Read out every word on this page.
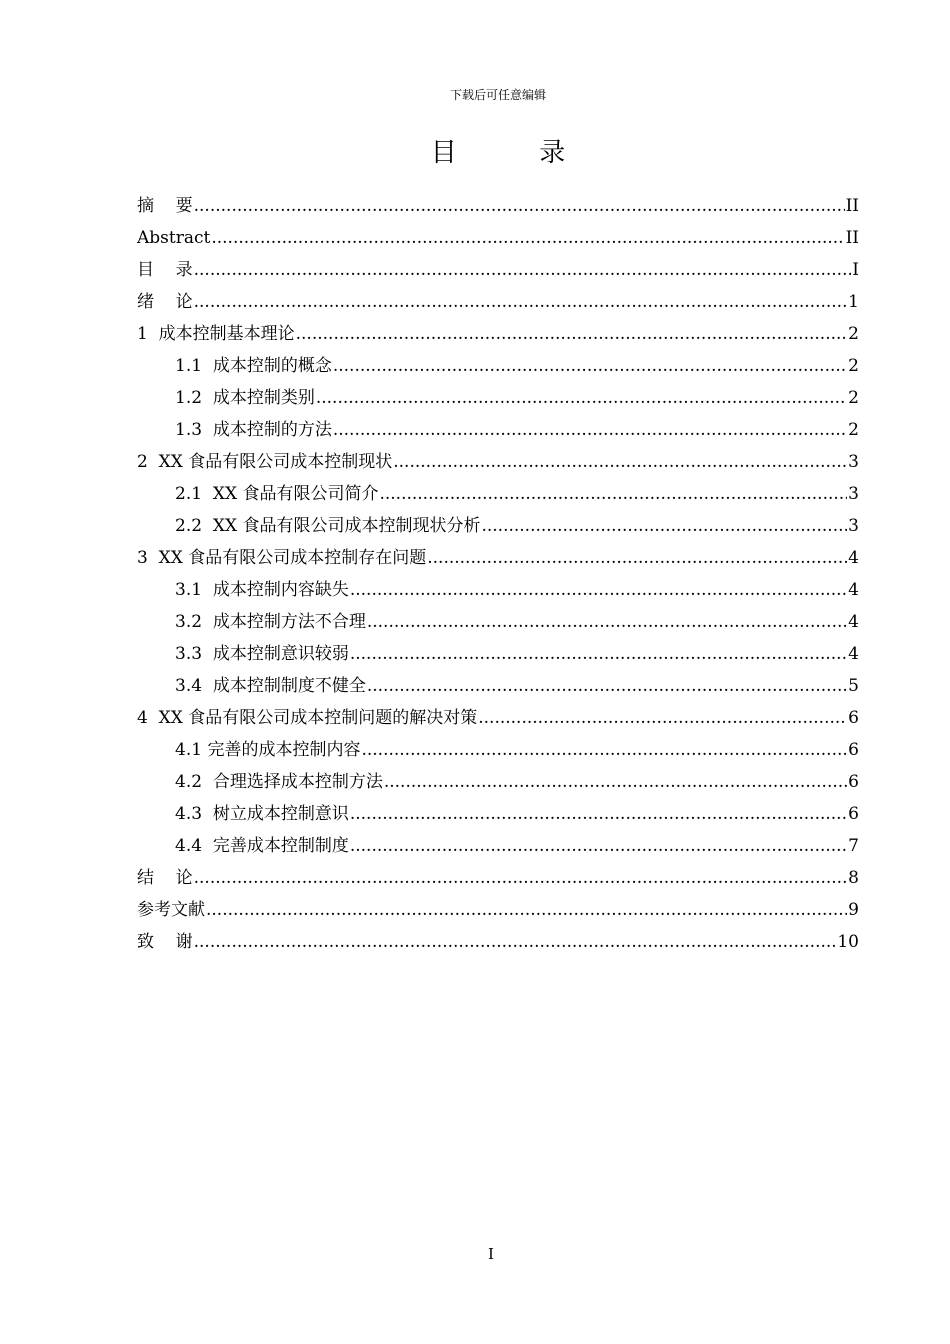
下载后可任意编辑
目  录
摘    要 .....	II
Abstract .....	II
目    录 .....	I
绪    论 .....	1
1  成本控制基本理论 .....	2
1.1  成本控制的概念 .....	2
1.2  成本控制类别 .....	2
1.3  成本控制的方法 .....	2
2  XX 食品有限公司成本控制现状 .....	3
2.1  XX 食品有限公司简介 .....	3
2.2  XX 食品有限公司成本控制现状分析 .....	3
3  XX 食品有限公司成本控制存在问题 .....	4
3.1  成本控制内容缺失 .....	4
3.2  成本控制方法不合理 .....	4
3.3  成本控制意识较弱 .....	4
3.4  成本控制制度不健全 .....	5
4  XX 食品有限公司成本控制问题的解决对策 .....	6
4.1 完善的成本控制内容 .....	6
4.2  合理选择成本控制方法 .....	6
4.3  树立成本控制意识 .....	6
4.4  完善成本控制制度 .....	7
结    论 .....	8
参考文献 .....	9
致    谢 .....	10
I
